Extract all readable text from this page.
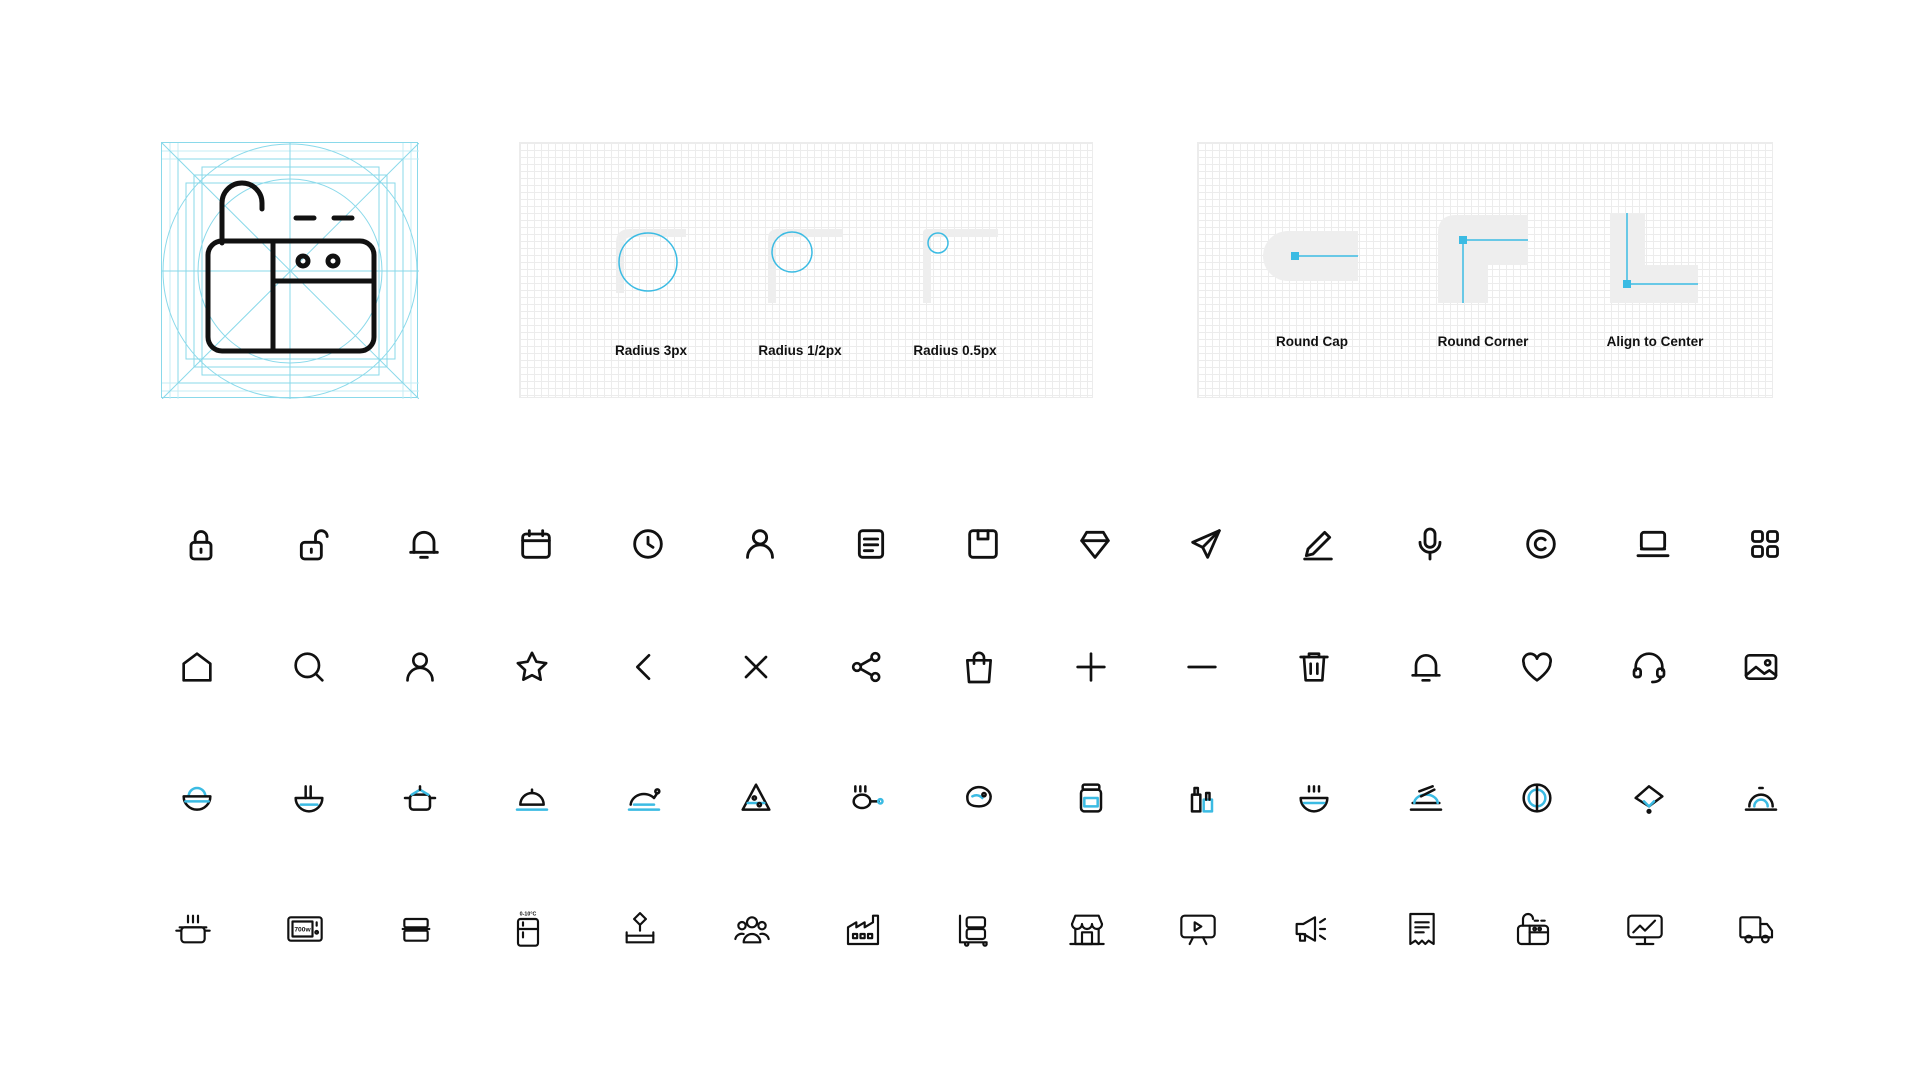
Radius 3px	Radius 1/2px	Radius 0.5px
Round Cap	Round Corner	Align to Center
700w
0-10°C
